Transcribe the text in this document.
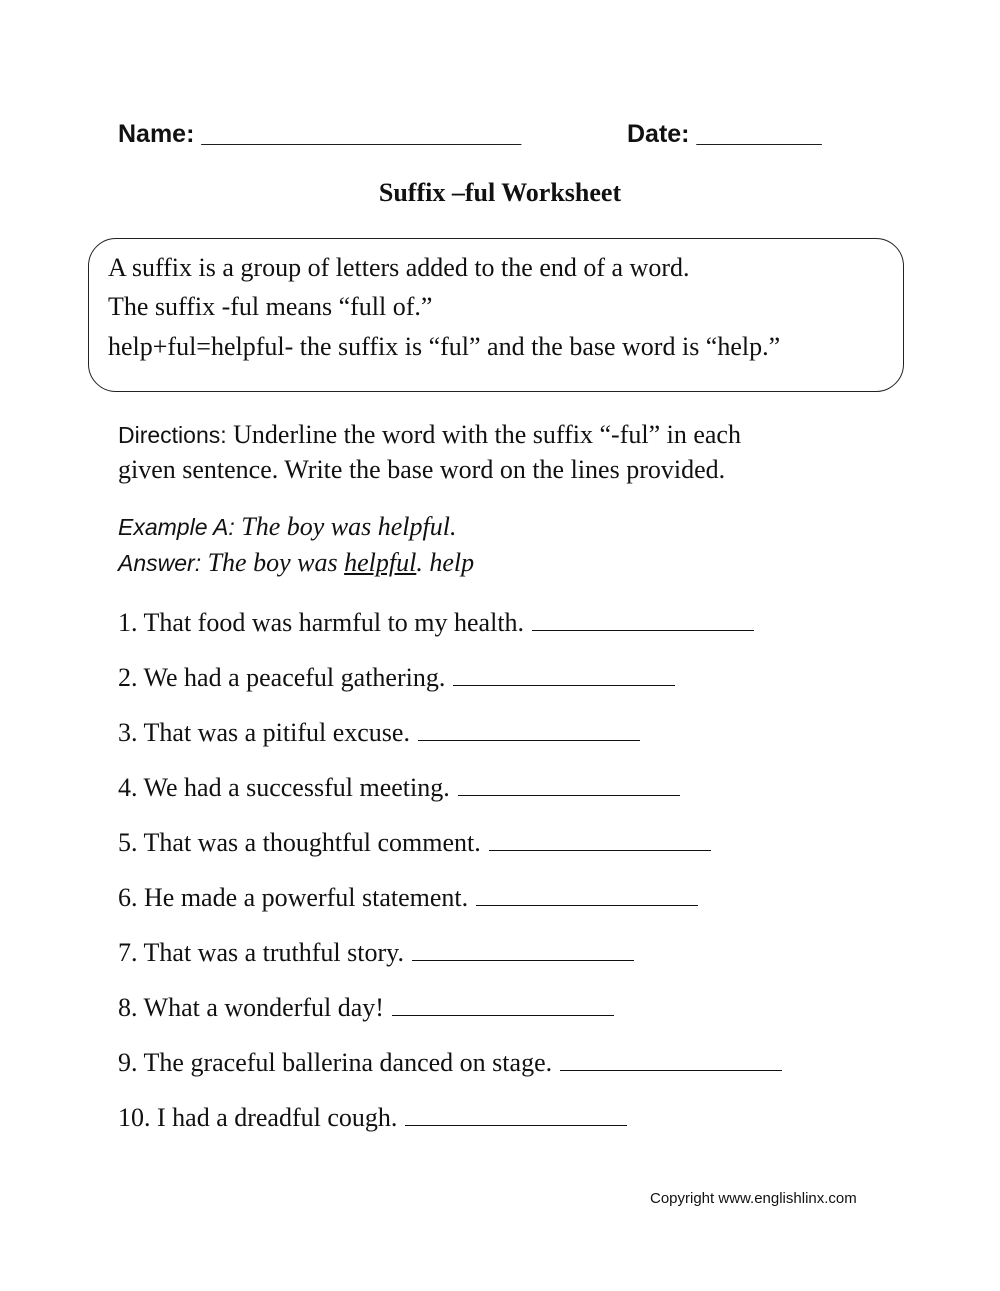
Name: _______________________	Date: _________
Suffix –ful Worksheet
A suffix is a group of letters added to the end of a word.
The suffix -ful means “full of.”
help+ful=helpful- the suffix is “ful” and the base word is “help.”
Directions: Underline the word with the suffix “-ful” in each
given sentence. Write the base word on the lines provided.
Example A: The boy was helpful.
Answer: The boy was helpful. help
1. That food was harmful to my health.
2. We had a peaceful gathering.
3. That was a pitiful excuse.
4. We had a successful meeting.
5. That was a thoughtful comment.
6. He made a powerful statement.
7. That was a truthful story.
8. What a wonderful day!
9. The graceful ballerina danced on stage.
10. I had a dreadful cough.
Copyright www.englishlinx.com
